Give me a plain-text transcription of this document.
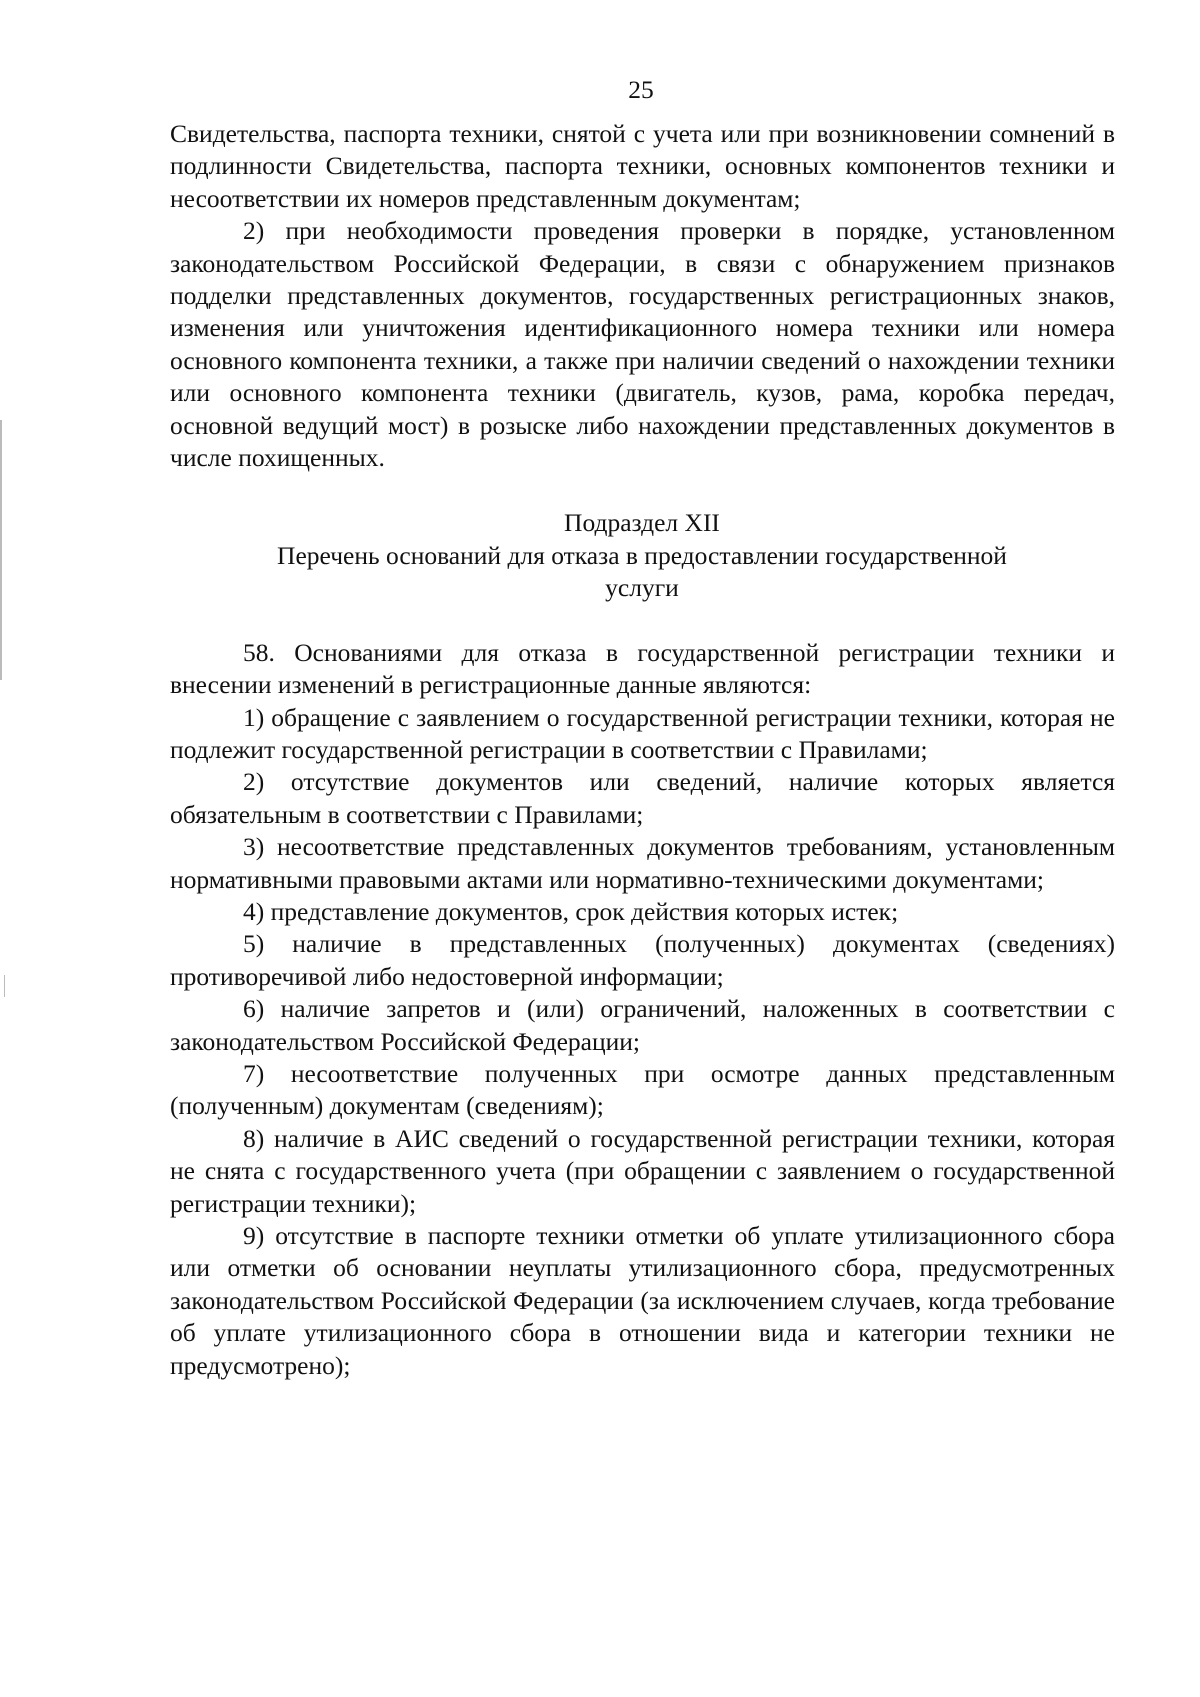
25

Свидетельства, паспорта техники, снятой с учета или при возникновении сомнений в подлинности Свидетельства, паспорта техники, основных компонентов техники и несоответствии их номеров представленным документам;

2) при необходимости проведения проверки в порядке, установленном законодательством Российской Федерации, в связи с обнаружением признаков подделки представленных документов, государственных регистрационных знаков, изменения или уничтожения идентификационного номера техники или номера основного компонента техники, а также при наличии сведений о нахождении техники или основного компонента техники (двигатель, кузов, рама, коробка передач, основной ведущий мост) в розыске либо нахождении представленных документов в числе похищенных.

Подраздел XII
Перечень оснований для отказа в предоставлении государственной услуги

58. Основаниями для отказа в государственной регистрации техники и внесении изменений в регистрационные данные являются:

1) обращение с заявлением о государственной регистрации техники, которая не подлежит государственной регистрации в соответствии с Правилами;

2) отсутствие документов или сведений, наличие которых является обязательным в соответствии с Правилами;

3) несоответствие представленных документов требованиям, установленным нормативными правовыми актами или нормативно-техническими документами;

4) представление документов, срок действия которых истек;

5) наличие в представленных (полученных) документах (сведениях) противоречивой либо недостоверной информации;

6) наличие запретов и (или) ограничений, наложенных в соответствии с законодательством Российской Федерации;

7) несоответствие полученных при осмотре данных представленным (полученным) документам (сведениям);

8) наличие в АИС сведений о государственной регистрации техники, которая не снята с государственного учета (при обращении с заявлением о государственной регистрации техники);

9) отсутствие в паспорте техники отметки об уплате утилизационного сбора или отметки об основании неуплаты утилизационного сбора, предусмотренных законодательством Российской Федерации (за исключением случаев, когда требование об уплате утилизационного сбора в отношении вида и категории техники не предусмотрено);
